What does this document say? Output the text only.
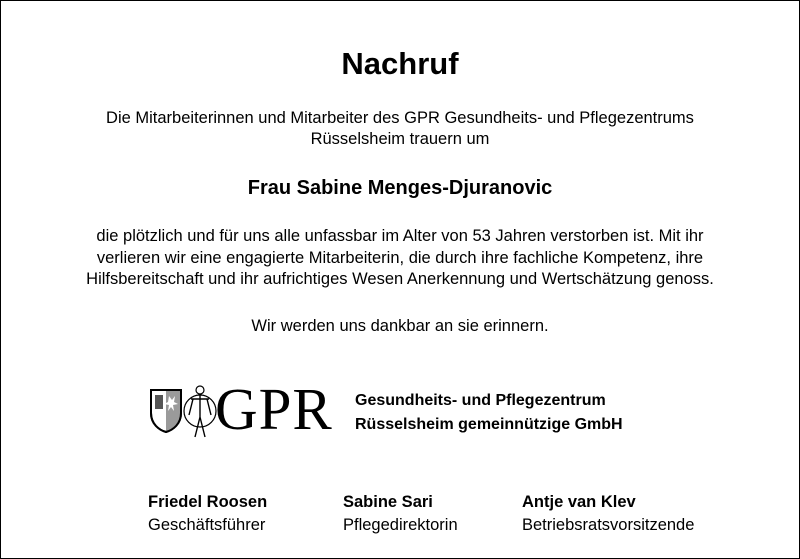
Nachruf
Die Mitarbeiterinnen und Mitarbeiter des GPR Gesundheits- und Pflegezentrums
Rüsselsheim trauern um
Frau Sabine Menges-Djuranovic
die plötzlich und für uns alle unfassbar im Alter von 53 Jahren verstorben ist. Mit ihr
verlieren wir eine engagierte Mitarbeiterin, die durch ihre fachliche Kompetenz, ihre
Hilfsbereitschaft und ihr aufrichtiges Wesen Anerkennung und Wertschätzung genoss.
Wir werden uns dankbar an sie erinnern.
GPR Gesundheits- und Pflegezentrum
Rüsselsheim gemeinnützige GmbH
Friedel Roosen
Geschäftsführer
Sabine Sari
Pflegedirektorin
Antje van Klev
Betriebsratsvorsitzende
